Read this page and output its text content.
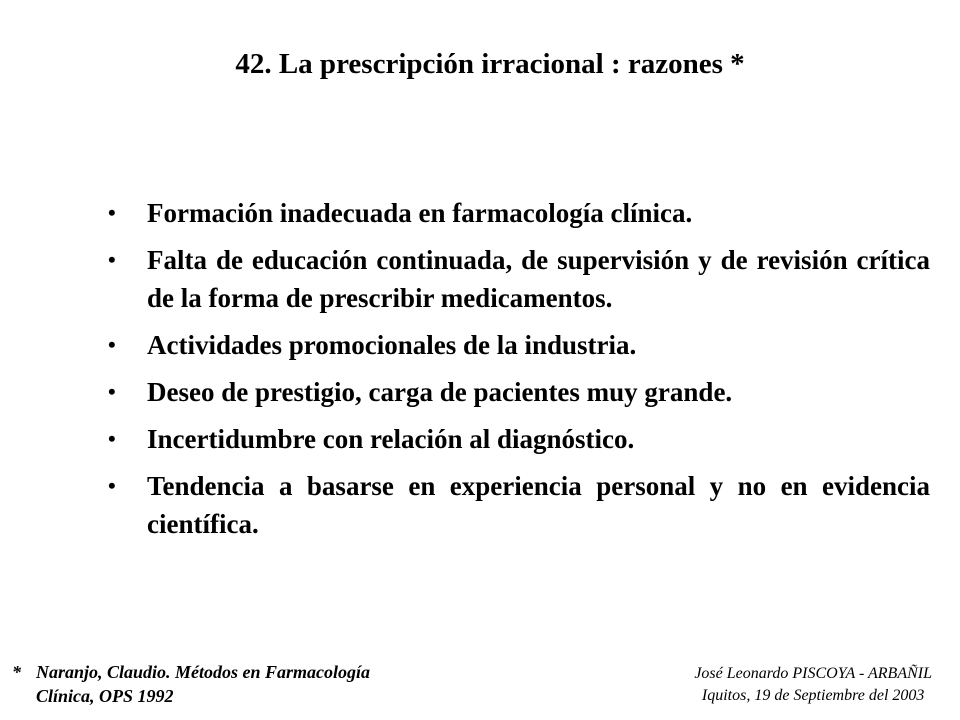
42. La prescripción irracional : razones *
• Formación inadecuada en farmacología clínica.
• Falta de educación continuada, de supervisión y de revisión crítica de la forma de prescribir medicamentos.
• Actividades promocionales de la industria.
• Deseo de prestigio, carga de pacientes muy grande.
• Incertidumbre con relación al diagnóstico.
• Tendencia a basarse en experiencia personal y no en evidencia científica.
* Naranjo, Claudio. Métodos en Farmacología
Clínica, OPS 1992
José Leonardo PISCOYA - ARBAÑIL
Iquitos, 19 de Septiembre del 2003
